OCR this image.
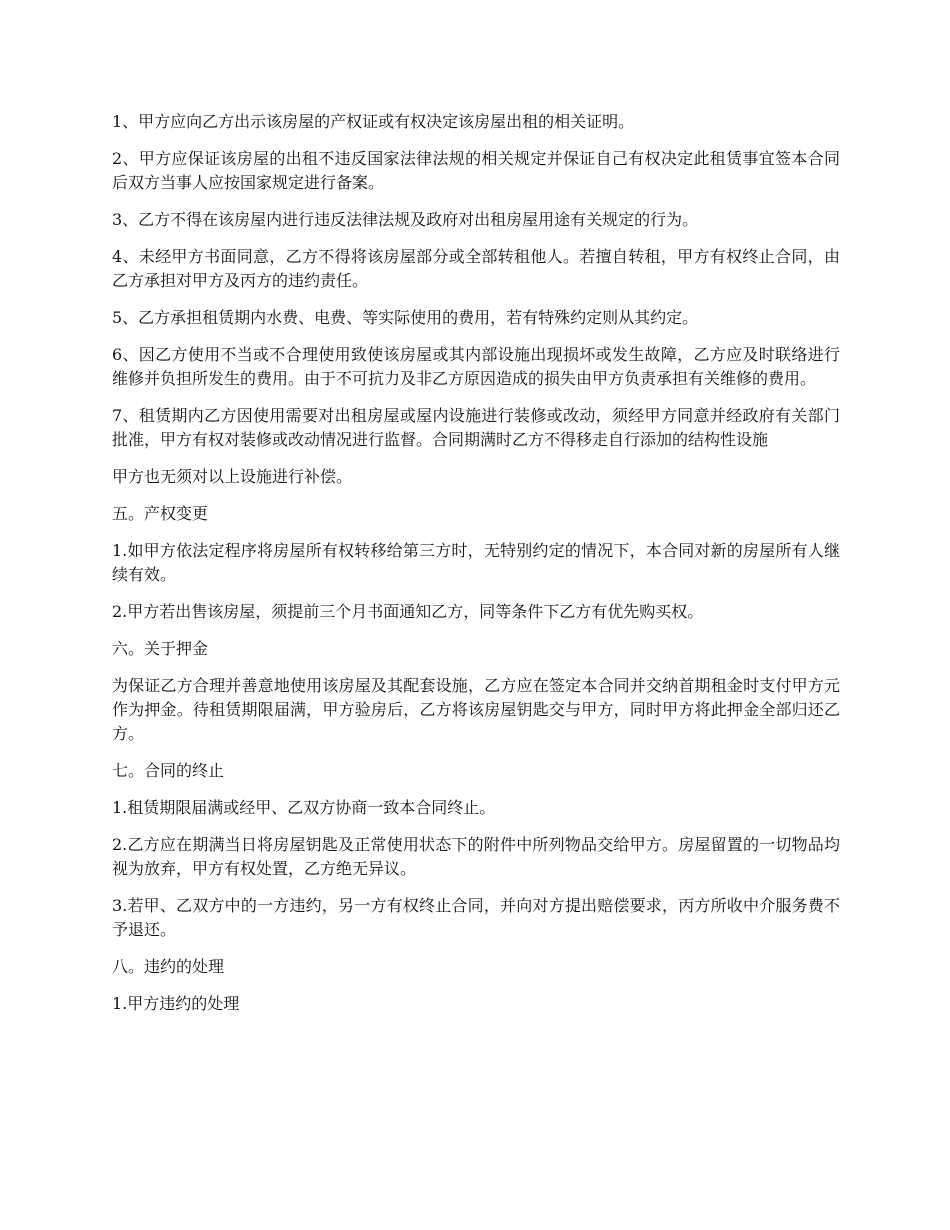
1、甲方应向乙方出示该房屋的产权证或有权决定该房屋出租的相关证明。

2、甲方应保证该房屋的出租不违反国家法律法规的相关规定并保证自己有权决定此租赁事宜签本合同后双方当事人应按国家规定进行备案。

3、乙方不得在该房屋内进行违反法律法规及政府对出租房屋用途有关规定的行为。

4、未经甲方书面同意，乙方不得将该房屋部分或全部转租他人。若擅自转租，甲方有权终止合同，由乙方承担对甲方及丙方的违约责任。

5、乙方承担租赁期内水费、电费、等实际使用的费用，若有特殊约定则从其约定。

6、因乙方使用不当或不合理使用致使该房屋或其内部设施出现损坏或发生故障，乙方应及时联络进行维修并负担所发生的费用。由于不可抗力及非乙方原因造成的损失由甲方负责承担有关维修的费用。

7、租赁期内乙方因使用需要对出租房屋或屋内设施进行装修或改动，须经甲方同意并经政府有关部门批准，甲方有权对装修或改动情况进行监督。合同期满时乙方不得移走自行添加的结构性设施

甲方也无须对以上设施进行补偿。

五。产权变更

1.如甲方依法定程序将房屋所有权转移给第三方时，无特别约定的情况下，本合同对新的房屋所有人继续有效。

2.甲方若出售该房屋，须提前三个月书面通知乙方，同等条件下乙方有优先购买权。

六。关于押金

为保证乙方合理并善意地使用该房屋及其配套设施，乙方应在签定本合同并交纳首期租金时支付甲方元作为押金。待租赁期限届满，甲方验房后，乙方将该房屋钥匙交与甲方，同时甲方将此押金全部归还乙方。

七。合同的终止

1.租赁期限届满或经甲、乙双方协商一致本合同终止。

2.乙方应在期满当日将房屋钥匙及正常使用状态下的附件中所列物品交给甲方。房屋留置的一切物品均视为放弃，甲方有权处置，乙方绝无异议。

3.若甲、乙双方中的一方违约，另一方有权终止合同，并向对方提出赔偿要求，丙方所收中介服务费不予退还。

八。违约的处理

1.甲方违约的处理
